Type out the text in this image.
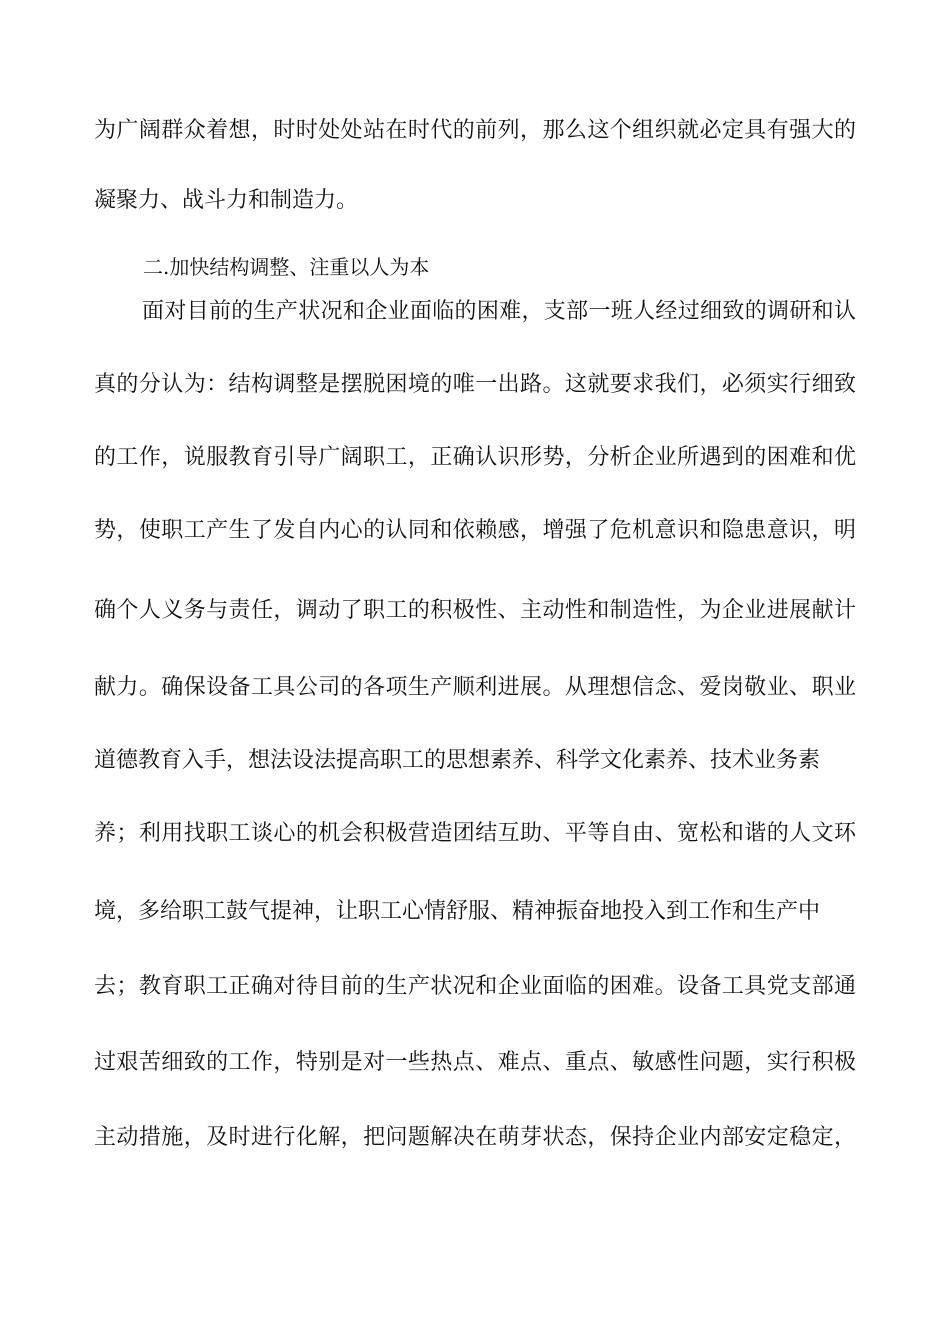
为广阔群众着想，时时处处站在时代的前列，那么这个组织就必定具有强大的
凝聚力、战斗力和制造力。
二.加快结构调整、注重以人为本
面对目前的生产状况和企业面临的困难，支部一班人经过细致的调研和认
真的分认为：结构调整是摆脱困境的唯一出路。这就要求我们，必须实行细致
的工作，说服教育引导广阔职工，正确认识形势，分析企业所遇到的困难和优
势，使职工产生了发自内心的认同和依赖感，增强了危机意识和隐患意识，明
确个人义务与责任，调动了职工的积极性、主动性和制造性，为企业进展献计
献力。确保设备工具公司的各项生产顺利进展。从理想信念、爱岗敬业、职业
道德教育入手，想法设法提高职工的思想素养、科学文化素养、技术业务素
养；利用找职工谈心的机会积极营造团结互助、平等自由、宽松和谐的人文环
境，多给职工鼓气提神，让职工心情舒服、精神振奋地投入到工作和生产中
去；教育职工正确对待目前的生产状况和企业面临的困难。设备工具党支部通
过艰苦细致的工作，特别是对一些热点、难点、重点、敏感性问题，实行积极
主动措施，及时进行化解，把问题解决在萌芽状态，保持企业内部安定稳定，
